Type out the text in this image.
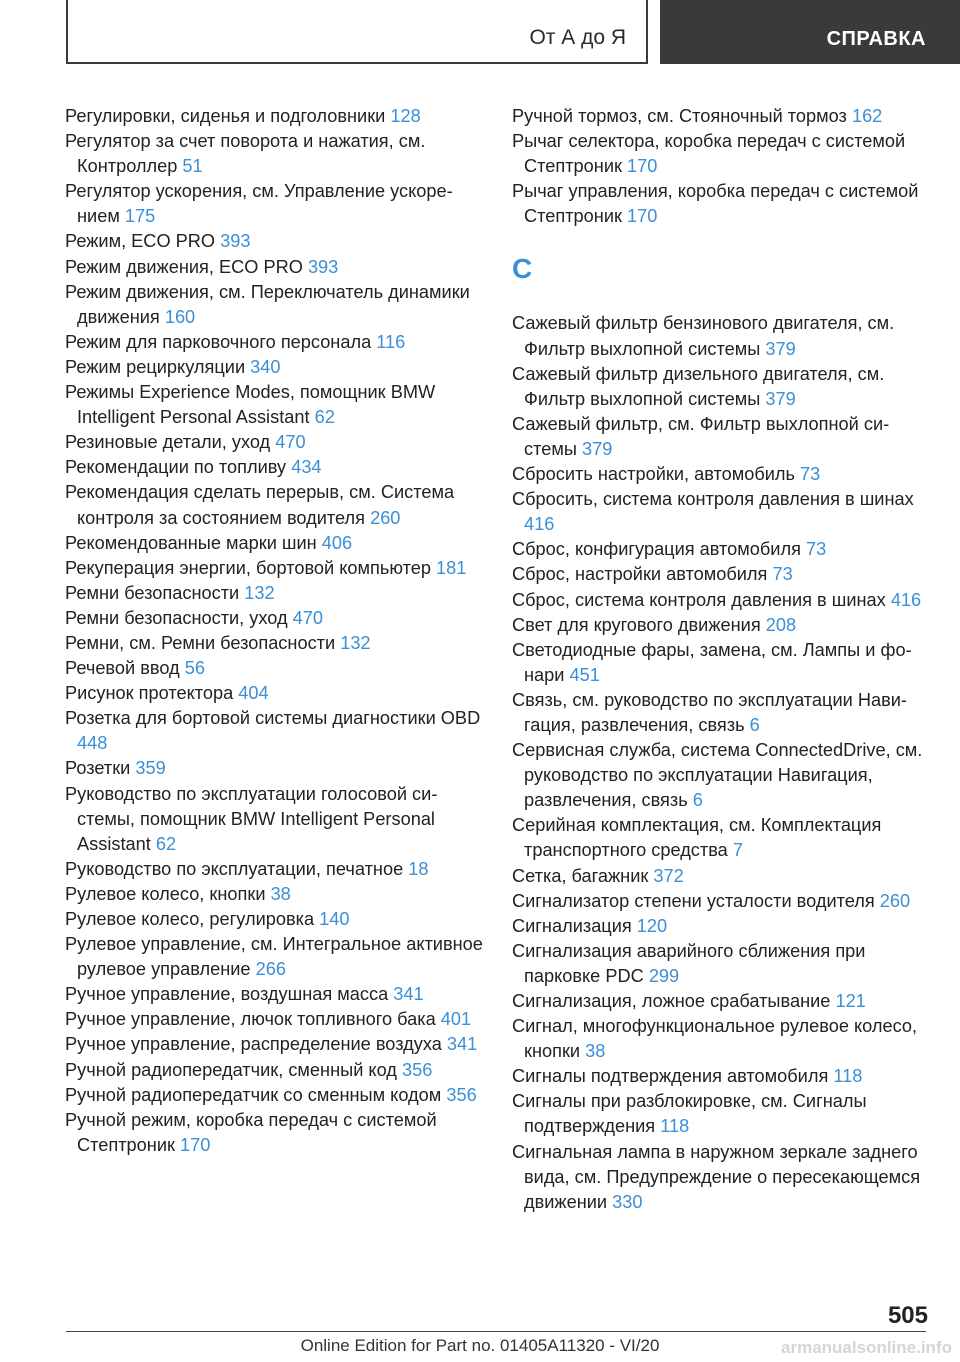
От А до Я	СПРАВКА

Регулировки, сиденья и подголовники 128

Регулятор за счет поворота и нажатия, см. Контроллер 51

Регулятор ускорения, см. Управление ускорением 175

Режим, ECO PRO 393

Режим движения, ECO PRO 393

Режим движения, см. Переключатель динамики движения 160

Режим для парковочного персонала 116

Режим рециркуляции 340

Режимы Experience Modes, помощник BMW Intelligent Personal Assistant 62

Резиновые детали, уход 470

Рекомендации по топливу 434

Рекомендация сделать перерыв, см. Система контроля за состоянием водителя 260

Рекомендованные марки шин 406

Рекуперация энергии, бортовой компьютер 181

Ремни безопасности 132

Ремни безопасности, уход 470

Ремни, см. Ремни безопасности 132

Речевой ввод 56

Рисунок протектора 404

Розетка для бортовой системы диагностики OBD 448

Розетки 359

Руководство по эксплуатации голосовой системы, помощник BMW Intelligent Personal Assistant 62

Руководство по эксплуатации, печатное 18

Рулевое колесо, кнопки 38

Рулевое колесо, регулировка 140

Рулевое управление, см. Интегральное активное рулевое управление 266

Ручное управление, воздушная масса 341

Ручное управление, лючок топливного бака 401

Ручное управление, распределение воздуха 341

Ручной радиопередатчик, сменный код 356

Ручной радиопередатчик со сменным кодом 356

Ручной режим, коробка передач с системой Стептроник 170

Ручной тормоз, см. Стояночный тормоз 162

Рычаг селектора, коробка передач с системой Стептроник 170

Рычаг управления, коробка передач с системой Стептроник 170

С

Сажевый фильтр бензинового двигателя, см. Фильтр выхлопной системы 379

Сажевый фильтр дизельного двигателя, см. Фильтр выхлопной системы 379

Сажевый фильтр, см. Фильтр выхлопной системы 379

Сбросить настройки, автомобиль 73

Сбросить, система контроля давления в шинах 416

Сброс, конфигурация автомобиля 73

Сброс, настройки автомобиля 73

Сброс, система контроля давления в шинах 416

Свет для кругового движения 208

Светодиодные фары, замена, см. Лампы и фонари 451

Связь, см. руководство по эксплуатации Навигация, развлечения, связь 6

Сервисная служба, система ConnectedDrive, см. руководство по эксплуатации Навигация, развлечения, связь 6

Серийная комплектация, см. Комплектация транспортного средства 7

Сетка, багажник 372

Сигнализатор степени усталости водителя 260

Сигнализация 120

Сигнализация аварийного сближения при парковке PDC 299

Сигнализация, ложное срабатывание 121

Сигнал, многофункциональное рулевое колесо, кнопки 38

Сигналы подтверждения автомобиля 118

Сигналы при разблокировке, см. Сигналы подтверждения 118

Сигнальная лампа в наружном зеркале заднего вида, см. Предупреждение о пересекающемся движении 330

505
Online Edition for Part no. 01405A11320 - VI/20	armanualsonline.info
